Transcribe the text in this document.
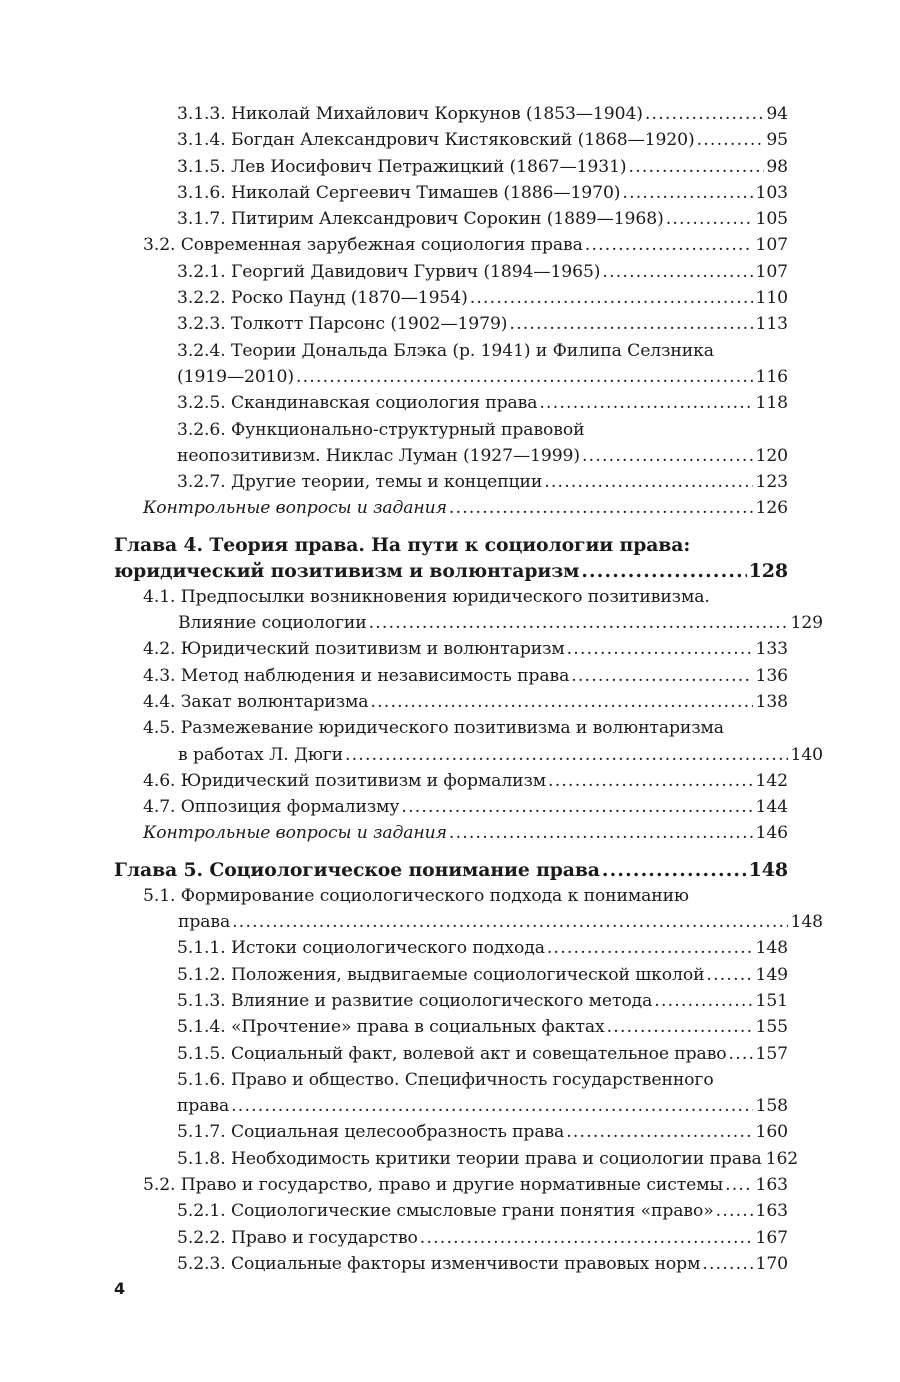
3.1.3. Николай Михайлович Коркунов (1853—1904) .....	94
3.1.4. Богдан Александрович Кистяковский (1868—1920) .....	95
3.1.5. Лев Иосифович Петражицкий (1867—1931) .....	98
3.1.6. Николай Сергеевич Тимашев (1886—1970) .....	103
3.1.7. Питирим Александрович Сорокин (1889—1968) .....	105
3.2. Современная зарубежная социология права .....	107
3.2.1. Георгий Давидович Гурвич (1894—1965) .....	107
3.2.2. Роско Паунд (1870—1954) .....	110
3.2.3. Толкотт Парсонс (1902—1979) .....	113
3.2.4. Теории Дональда Блэка (р. 1941) и Филипа Селзника
(1919—2010) .....	116
3.2.5. Скандинавская социология права .....	118
3.2.6. Функционально-структурный правовой
неопозитивизм. Никлас Луман (1927—1999) .....	120
3.2.7. Другие теории, темы и концепции .....	123
Контрольные вопросы и задания .....	126
Глава 4. Теория права. На пути к социологии права:
юридический позитивизм и волюнтаризм .....	128
4.1. Предпосылки возникновения юридического позитивизма.
Влияние социологии .....	129
4.2. Юридический позитивизм и волюнтаризм .....	133
4.3. Метод наблюдения и независимость права .....	136
4.4. Закат волюнтаризма .....	138
4.5. Размежевание юридического позитивизма и волюнтаризма
в работах Л. Дюги .....	140
4.6. Юридический позитивизм и формализм .....	142
4.7. Оппозиция формализму .....	144
Контрольные вопросы и задания .....	146
Глава 5. Социологическое понимание права .....	148
5.1. Формирование социологического подхода к пониманию
права .....	148
5.1.1. Истоки социологического подхода .....	148
5.1.2. Положения, выдвигаемые социологической школой .....	149
5.1.3. Влияние и развитие социологического метода .....	151
5.1.4. «Прочтение» права в социальных фактах .....	155
5.1.5. Социальный факт, волевой акт и совещательное право ..... 157
5.1.6. Право и общество. Специфичность государственного
права .....	158
5.1.7. Социальная целесообразность права .....	160
5.1.8. Необходимость критики теории права и социологии права 162
5.2. Право и государство, право и другие нормативные системы ..... 163
5.2.1. Социологические смысловые грани понятия «право» ..... 163
5.2.2. Право и государство .....	167
5.2.3. Социальные факторы изменчивости правовых норм .....	170
4
